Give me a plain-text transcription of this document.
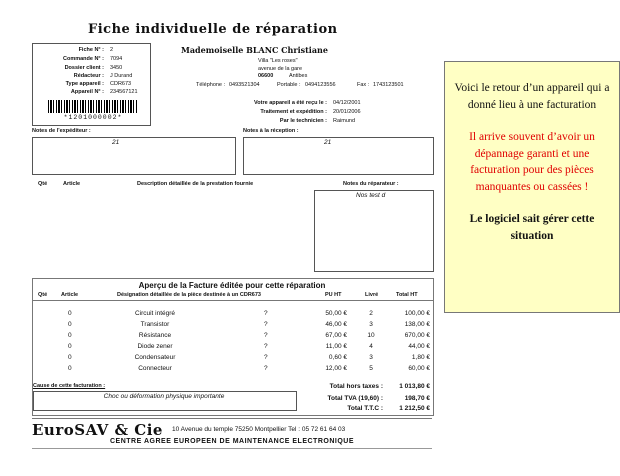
Fiche individuelle de réparation
Fiche N° : 2
Commande N° : 7094
Dossier client : 3450
Rédacteur : J Durand
Type appareil : CDR673
Appareil N° : 234567121
*1201000002*
Mademoiselle BLANC Christiane
Villa "Les roses"
avenue de la gare
06600	Antibes
Téléphone : 0493521304	Portable : 0494123556	Fax : 1743123501
Votre appareil a été reçu le : 04/12/2001
Traitement et expédition : 20/01/2006
Par le technicien : Raimund
Notes de l'expéditeur :
21
Notes à la réception :
21
Qté	Article	Description détaillée de la prestation fournie	Notes du réparateur :
Nos test d
Aperçu de la Facture éditée pour cette réparation
Qté	Article	Désignation détaillée de la pièce destinée à un CDR673	PU HT	Livré	Total HT
0	Circuit intégré	?	50,00 €	2	100,00 €
0	Transistor	?	46,00 €	3	138,00 €
0	Résistance	?	67,00 €	10	670,00 €
0	Diode zener	?	11,00 €	4	44,00 €
0	Condensateur	?	0,60 €	3	1,80 €
0	Connecteur	?	12,00 €	5	60,00 €
Cause de cette facturation :
Choc ou déformation physique importante
Total hors taxes :	1 013,80 €
Total TVA (19,60) :	198,70 €
Total T.T.C :	1 212,50 €
EuroSAV & Cie 10 Avenue du temple 75250 Montpellier Tel : 05 72 61 64 03
CENTRE AGREE EUROPEEN DE MAINTENANCE ELECTRONIQUE

Voici le retour d’un appareil qui a donné lieu à une facturation

Il arrive souvent d’avoir un dépannage garanti et une facturation pour des pièces manquantes ou cassées !

Le logiciel sait gérer cette situation
